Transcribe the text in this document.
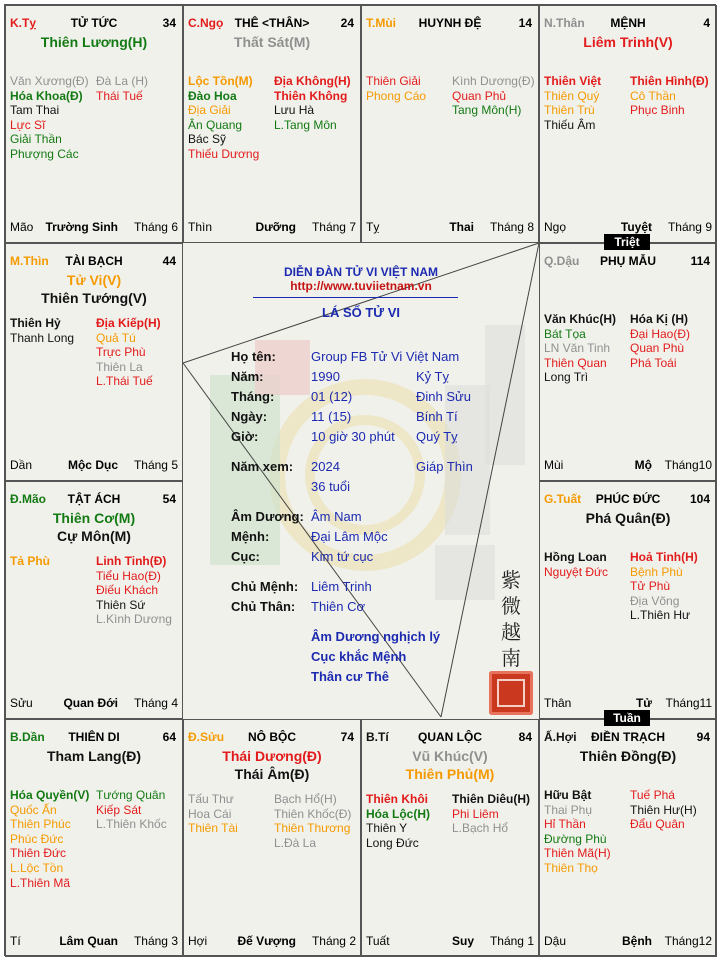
K.Tỵ	TỬ TỨC	34
Thiên Lương(H)
Văn Xương(Đ)
Hóa Khoa(Đ)
Tam Thai
Lực Sĩ
Giải Thần
Phượng Các
Đà La (H)
Thái Tuế
Mão Trường Sinh Tháng 6
C.Ngọ THÊ <THÂN>	24
Thất Sát(M)
Lộc Tồn(M)
Đào Hoa
Địa Giải
Ân Quang
Bác Sỹ
Thiếu Dương
Địa Không(H)
Thiên Không
Lưu Hà
L.Tang Môn
Thìn	Dưỡng Tháng 7
T.Mùi	HUYNH ĐỆ	14
Thiên Giải
Phong Cáo
Kình Dương(Đ)
Quan Phủ
Tang Môn(H)
Tỵ	Thai Tháng 8
N.Thân	MỆNH	4
Liêm Trinh(V)
Thiên Việt
Thiên Quý
Thiên Trù
Thiếu Âm
Thiên Hình(Đ)
Cô Thần
Phục Binh
Ngọ	Tuyệt Tháng 9
Q.Dậu	PHỤ MẪU	114
Văn Khúc(H)
Bát Tọa
LN Văn Tinh
Thiên Quan
Long Trì
Hóa Kị (H)
Đại Hao(Đ)
Quan Phù
Phá Toái
Mùi	Mộ Tháng10
G.Tuất	PHÚC ĐỨC	104
Phá Quân(Đ)
Hồng Loan
Nguyệt Đức
Hoả Tinh(H)
Bệnh Phù
Tử Phù
Địa Võng
L.Thiên Hư
Thân	Tử Tháng11
Ấ.Hợi	ĐIỀN TRẠCH	94
Thiên Đồng(Đ)
Hữu Bật
Thai Phụ
Hỉ Thần
Đường Phù
Thiên Mã(H)
Thiên Thọ
Tuế Phá
Thiên Hư(H)
Đẩu Quân
Dậu	Bệnh Tháng12
B.Tí	QUAN LỘC	84
Vũ Khúc(V)
Thiên Phủ(M)
Thiên Khôi
Hóa Lộc(H)
Thiên Y
Long Đức
Thiên Diêu(H)
Phi Liêm
L.Bạch Hổ
Tuất	Suy Tháng 1
Đ.Sửu	NÔ BỘC	74
Thái Dương(Đ)
Thái Âm(Đ)
Tấu Thư
Hoa Cái
Thiên Tài
Bạch Hổ(H)
Thiên Khốc(Đ)
Thiên Thương
L.Đà La
Hợi	Đế Vượng Tháng 2
B.Dần	THIÊN DI	64
Tham Lang(Đ)
Hóa Quyền(V)
Quốc Ấn
Thiên Phúc
Phúc Đức
Thiên Đức
L.Lộc Tồn
L.Thiên Mã
Tướng Quân
Kiếp Sát
L.Thiên Khốc
Tí	Lâm Quan Tháng 3
Đ.Mão	TẬT ÁCH	54
Thiên Cơ(M)
Cự Môn(M)
Tả Phù	Linh Tinh(Đ)
Tiểu Hao(Đ)
Điếu Khách
Thiên Sứ
L.Kình Dương
Sửu	Quan Đới Tháng 4
M.Thìn	TÀI BẠCH	44
Tử Vi(V)
Thiên Tướng(V)
Thiên Hỷ
Thanh Long
Địa Kiếp(H)
Quả Tú
Trực Phù
Thiên La
L.Thái Tuế
Dần	Mộc Dục Tháng 5
DIỄN ĐÀN TỬ VI VIỆT NAM
http://www.tuviietnam.vn
LÁ SỐ TỬ VI
Họ tên:	Group FB Tử Vi Việt Nam
Năm:	1990	Kỷ Tỵ
Tháng:	01 (12)	Đinh Sửu
Ngày:	11 (15)	Bính Tí
Giờ:	10 giờ 30 phút Quý Tỵ
Năm xem: 2024	Giáp Thìn
36 tuổi
Âm Dương: Âm Nam
Mệnh:	Đại Lâm Mộc
Cục:	Kim tứ cục
Chủ Mệnh: Liêm Trinh
Chủ Thân: Thiên Cơ
Âm Dương nghịch lý
Cục khắc Mệnh
Thân cư Thê
紫微越南
Triệt
Tuần
